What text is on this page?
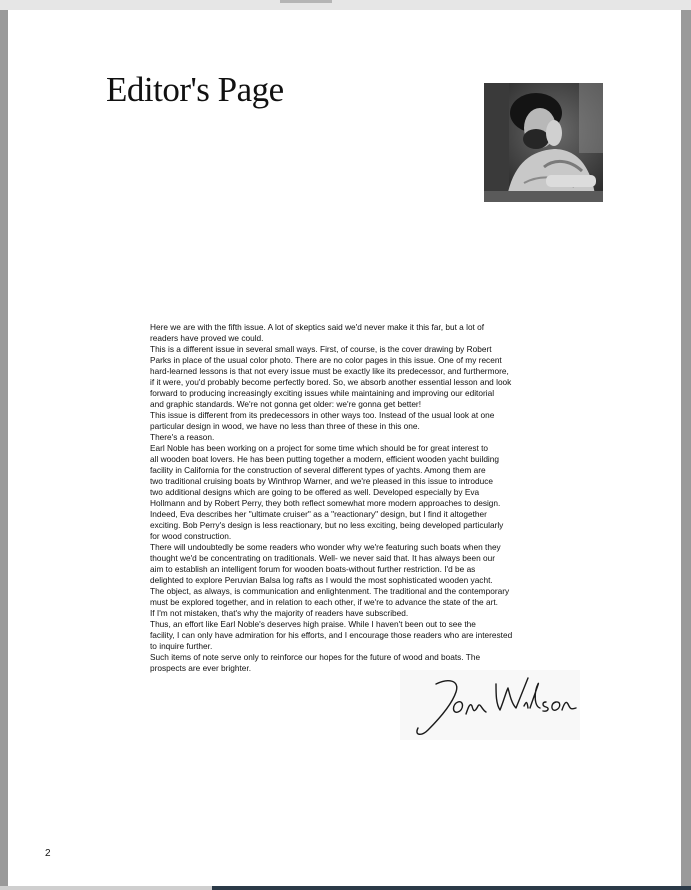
Editor's Page

Here we are with the fifth issue. A lot of skeptics said we'd never make it this far, but a lot of

readers have proved we could.

This is a different issue in several small ways. First, of course, is the cover drawing by Robert

Parks in place of the usual color photo. There are no color pages in this issue. One of my recent

hard-learned lessons is that not every issue must be exactly like its predecessor, and furthermore,

if it were, you'd probably become perfectly bored. So, we absorb another essential lesson and look

forward to producing increasingly exciting issues while maintaining and improving our editorial

and graphic standards. We're not gonna get older: we're gonna get better!

This issue is different from its predecessors in other ways too. Instead of the usual look at one

particular design in wood, we have no less than three of these in this one.

There's a reason.

Earl Noble has been working on a project for some time which should be for great interest to

all wooden boat lovers. He has been putting together a modern, efficient wooden yacht building

facility in California for the construction of several different types of yachts. Among them are

two traditional cruising boats by Winthrop Warner, and we're pleased in this issue to introduce

two additional designs which are going to be offered as well. Developed especially by Eva

Hollmann and by Robert Perry, they both reflect somewhat more modern approaches to design.

Indeed, Eva describes her "ultimate cruiser" as a "reactionary" design, but I find it altogether

exciting. Bob Perry's design is less reactionary, but no less exciting, being developed particularly

for wood construction.

There will undoubtedly be some readers who wonder why we're featuring such boats when they

thought we'd be concentrating on traditionals. Well- we never said that. It has always been our

aim to establish an intelligent forum for wooden boats-without further restriction. I'd be as

delighted to explore Peruvian Balsa log rafts as I would the most sophisticated wooden yacht.

The object, as always, is communication and enlightenment. The traditional and the contemporary

must be explored together, and in relation to each other, if we're to advance the state of the art.

If I'm not mistaken, that's why the majority of readers have subscribed.

Thus, an effort like Earl Noble's deserves high praise. While I haven't been out to see the

facility, I can only have admiration for his efforts, and I encourage those readers who are interested

to inquire further.

Such items of note serve only to reinforce our hopes for the future of wood and boats. The

prospects are ever brighter.

2
